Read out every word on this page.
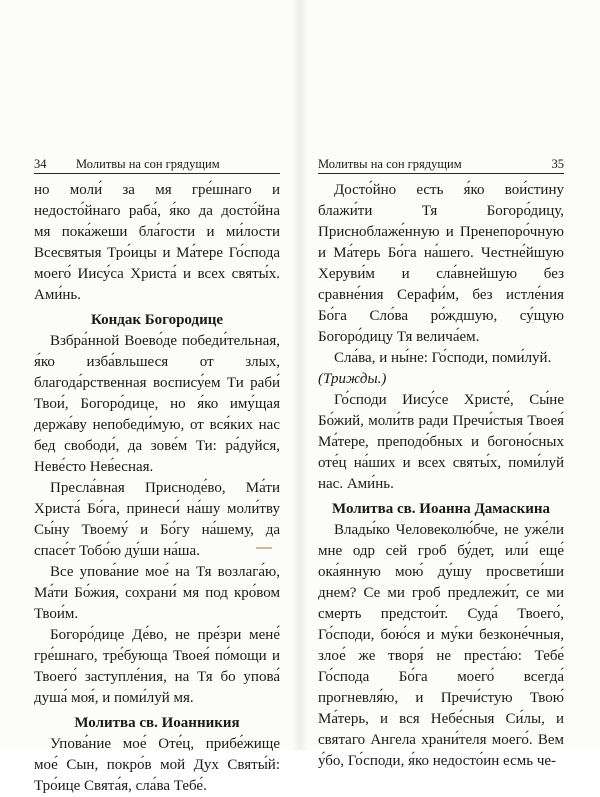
34 Молитвы на сон грядущим

но моли́ за мя гре́шнаго и недосто́йнаго раба́, я́ко да досто́йна мя пока́жеши бла́гости и ми́лости Всеcвятыя Тро́ицы и Ма́тере Го́спода моего́ Иису́са Христа́ и всех святы́х. Ами́нь.

Кондак Богородице

Взбра́нной Воево́де победи́тельная, я́ко изба́вльшеся от злых, благода́рственная воспису́ем Ти раби́ Твои́, Богоро́дице, но я́ко иму́щая держа́ву непобеди́мую, от вся́ких нас бед свободи́, да зове́м Ти: ра́дуйся, Неве́сто Нев́есная.

Пресла́вная Присноде́во, Ма́ти Христа́ Бо́га, принеси́ на́шу моли́тву Сы́ну Твоему́ и Бо́гу на́шему, да спасе́т Тобо́ю ду́ши на́ша.

Все упова́ние мое́ на Тя возлага́ю, Ма́ти Бо́жия, сохрани́ мя под кро́вом Твои́м.

Богоро́дице Де́во, не пре́зри мене́ гре́шнаго, тре́бующа Твоея́ по́мощи и Твоего́ заступле́ния, на Тя бо упова́ душа́ моя́, и поми́луй мя.

Молитва св. Иоанникия

Упова́ние мое́ Оте́ц, прибе́жище мое́ Сын, покро́в мой Дух Святы́й: Тро́ице Свята́я, сла́ва Тебе́.

Молитвы на сон грядущим	35

Досто́йно есть я́ко вои́стину блажи́ти Тя Богоро́дицу, Присноблаже́нную и Пренепоро́чную и Ма́терь Бо́га на́шего. Честне́йшую Херуви́м и сла́внейшую без сравне́ния Серафи́м, без истле́ния Бо́га Сло́ва ро́ждшую, су́щую Богоро́дицу Тя велича́ем.

Сла́ва, и ны́не: Го́споди, поми́луй.

(Трижды.)

Го́споди Иису́се Христе́, Сы́не Бо́жий, моли́тв ради Пречи́стыя Твоея́ Ма́тере, преподо́бных и богоно́сных оте́ц на́ших и всех святы́х, поми́луй нас. Ами́нь.

Молитва св. Иоанна Дамаскина

Влады́ко Человеколю́бче, не уже́ли мне одр сей гроб бу́дет, или́ еще́ ока́янную мою́ ду́шу просвети́ши днем? Се ми гроб предлежи́т, се ми смерть предстои́т. Суда́ Твоего́, Го́споди, бою́ся и му́ки безконе́чныя, злое́ же творя́ не преста́ю: Тебе́ Го́спода Бо́га моего́ всегда́ прогневля́ю, и Пречи́стую Твою́ Ма́терь, и вся Небе́сныя Си́лы, и святаго Ангела храни́теля моего́. Вем у́бо, Го́споди, я́ко недосто́ин есмь че-
